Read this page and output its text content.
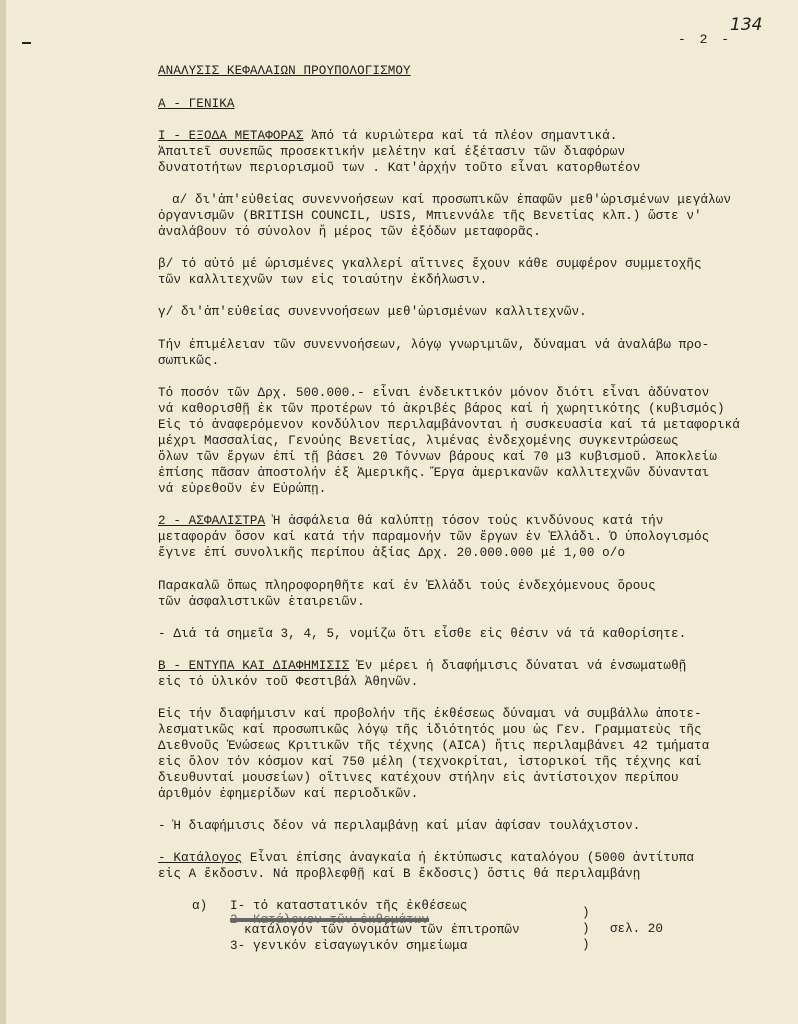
134
- 2 -
ΑΝΑΛΥΣΙΣ ΚΕΦΑΛΑΙΩΝ ΠΡΟΥΠΟΛΟΓΙΣΜΟΥ
Α - ΓΕΝΙΚΑ
Ι - ΕΞΟΔΑ ΜΕΤΑΦΟΡΑΣ Ἀπό τά κυριώτερα καί τά πλέον σημαντικά.
Ἀπαιτεῖ συνεπῶς προσεκτικήν μελέτην καί ἐξέτασιν τῶν διαφόρων
δυνατοτήτων περιορισμοῦ των . Κατ'ἀρχήν τοῦτο εἶναι κατορθωτέον
α/ δι'ἀπ'εὐθείας συνεννοήσεων καί προσωπικῶν ἐπαφῶν μεθ'ὡρισμένων μεγάλων
ὀργανισμῶν (BRITISH COUNCIL, USIS, Μπιεννάλε τῆς Βενετίας κλπ.) ὥστε ν'
ἀναλάβουν τό σύνολον ἤ μέρος τῶν ἐξόδων μεταφορᾶς.
β/ τό αὐτό μέ ὡρισμένες γκαλλερί αἵτινες ἔχουν κάθε συμφέρον συμμετοχῆς
τῶν καλλιτεχνῶν των εἰς τοιαύτην ἐκδήλωσιν.
γ/ δι'ἀπ'εὐθείας συνεννοήσεων μεθ'ὡρισμένων καλλιτεχνῶν.
Τήν ἐπιμέλειαν τῶν συνεννοήσεων, λόγῳ γνωριμιῶν, δύναμαι νά ἀναλάβω προ-
σωπικῶς.
Τό ποσόν τῶν Δρχ. 500.000.- εἶναι ἐνδεικτικόν μόνον διότι εἶναι ἀδύνατον
νά καθορισθῇ ἐκ τῶν προτέρων τό ἀκριβές βάρος καί ἡ χωρητικότης (κυβισμός)
Εἰς τό ἀναφερόμενον κονδύλιον περιλαμβάνονται ἡ συσκευασία καί τά μεταφορικά
μέχρι Μασσαλίας, Γενούης Βενετίας, λιμένας ἐνδεχομένης συγκεντρώσεως
ὅλων τῶν ἔργων ἐπί τῇ βάσει 20 Τόννων βάρους καί 70 μ3 κυβισμοῦ. Ἀποκλείω
ἐπίσης πᾶσαν ἀποστολήν ἐξ Ἀμερικῆς. Ἔργα ἀμερικανῶν καλλιτεχνῶν δύνανται
νά εὑρεθοῦν ἐν Εὐρώπῃ.
2 - ΑΣΦΑΛΙΣΤΡΑ Ἡ ἀσφάλεια θά καλύπτῃ τόσον τούς κινδύνους κατά τήν
μεταφοράν ὅσον καί κατά τήν παραμονήν τῶν ἔργων ἐν Ἑλλάδι. Ὁ ὑπολογισμός
ἔγινε ἐπί συνολικῆς περίπου ἀξίας Δρχ. 20.000.000 μέ 1,00 ο/ο
Παρακαλῶ ὅπως πληροφορηθῆτε καί ἐν Ἑλλάδι τούς ἐνδεχόμενους ὅρους
τῶν ἀσφαλιστικῶν ἑταιρειῶν.
- Διά τά σημεῖα 3, 4, 5, νομίζω ὅτι εἶσθε εἰς θέσιν νά τά καθορίσητε.
Β - ΕΝΤΥΠΑ ΚΑΙ ΔΙΑΦΗΜΙΣΙΣ Ἐν μέρει ἡ διαφήμισις δύναται νά ἐνσωματωθῇ
εἰς τό ὑλικόν τοῦ Φεστιβάλ Ἀθηνῶν.
Εἰς τήν διαφήμισιν καί προβολήν τῆς ἐκθέσεως δύναμαι νά συμβάλλω ἀποτε-
λεσματικῶς καί προσωπικῶς λόγῳ τῆς ἰδιότητός μου ὡς Γεν. Γραμματεὺς τῆς
Διεθνοῦς Ἑνώσεως Κριτικῶν τῆς τέχνης (AICA) ἥτις περιλαμβάνει 42 τμήματα
εἰς ὅλον τόν κόσμον καί 750 μέλη (τεχνοκρίται, ἱστορικοί τῆς τέχνης καί
διευθυνταί μουσείων) οἵτινες κατέχουν στήλην εἰς ἀντίστοιχον περίπου
ἀριθμόν ἐφημερίδων καί περιοδικῶν.
- Ἡ διαφήμισις δέον νά περιλαμβάνῃ καί μίαν ἀφίσαν τουλάχιστον.
- Κατάλογος Εἶναι ἐπίσης ἀναγκαία ἡ ἐκτύπωσις καταλόγου (5000 ἀντίτυπα
εἰς Α ἔκδοσιν. Νά προβλεφθῇ καί Β ἔκδοσις) ὅστις θά περιλαμβάνῃ
α) Ι- τό καταστατικόν τῆς ἐκθέσεως
2- Κατάλογον τῶν ἐκθεμάτων
κατάλογον τῶν ὀνομάτων τῶν ἐπιτροπῶν
3- γενικόν εἰσαγωγικόν σημείωμα
)
)
)
σελ. 20
